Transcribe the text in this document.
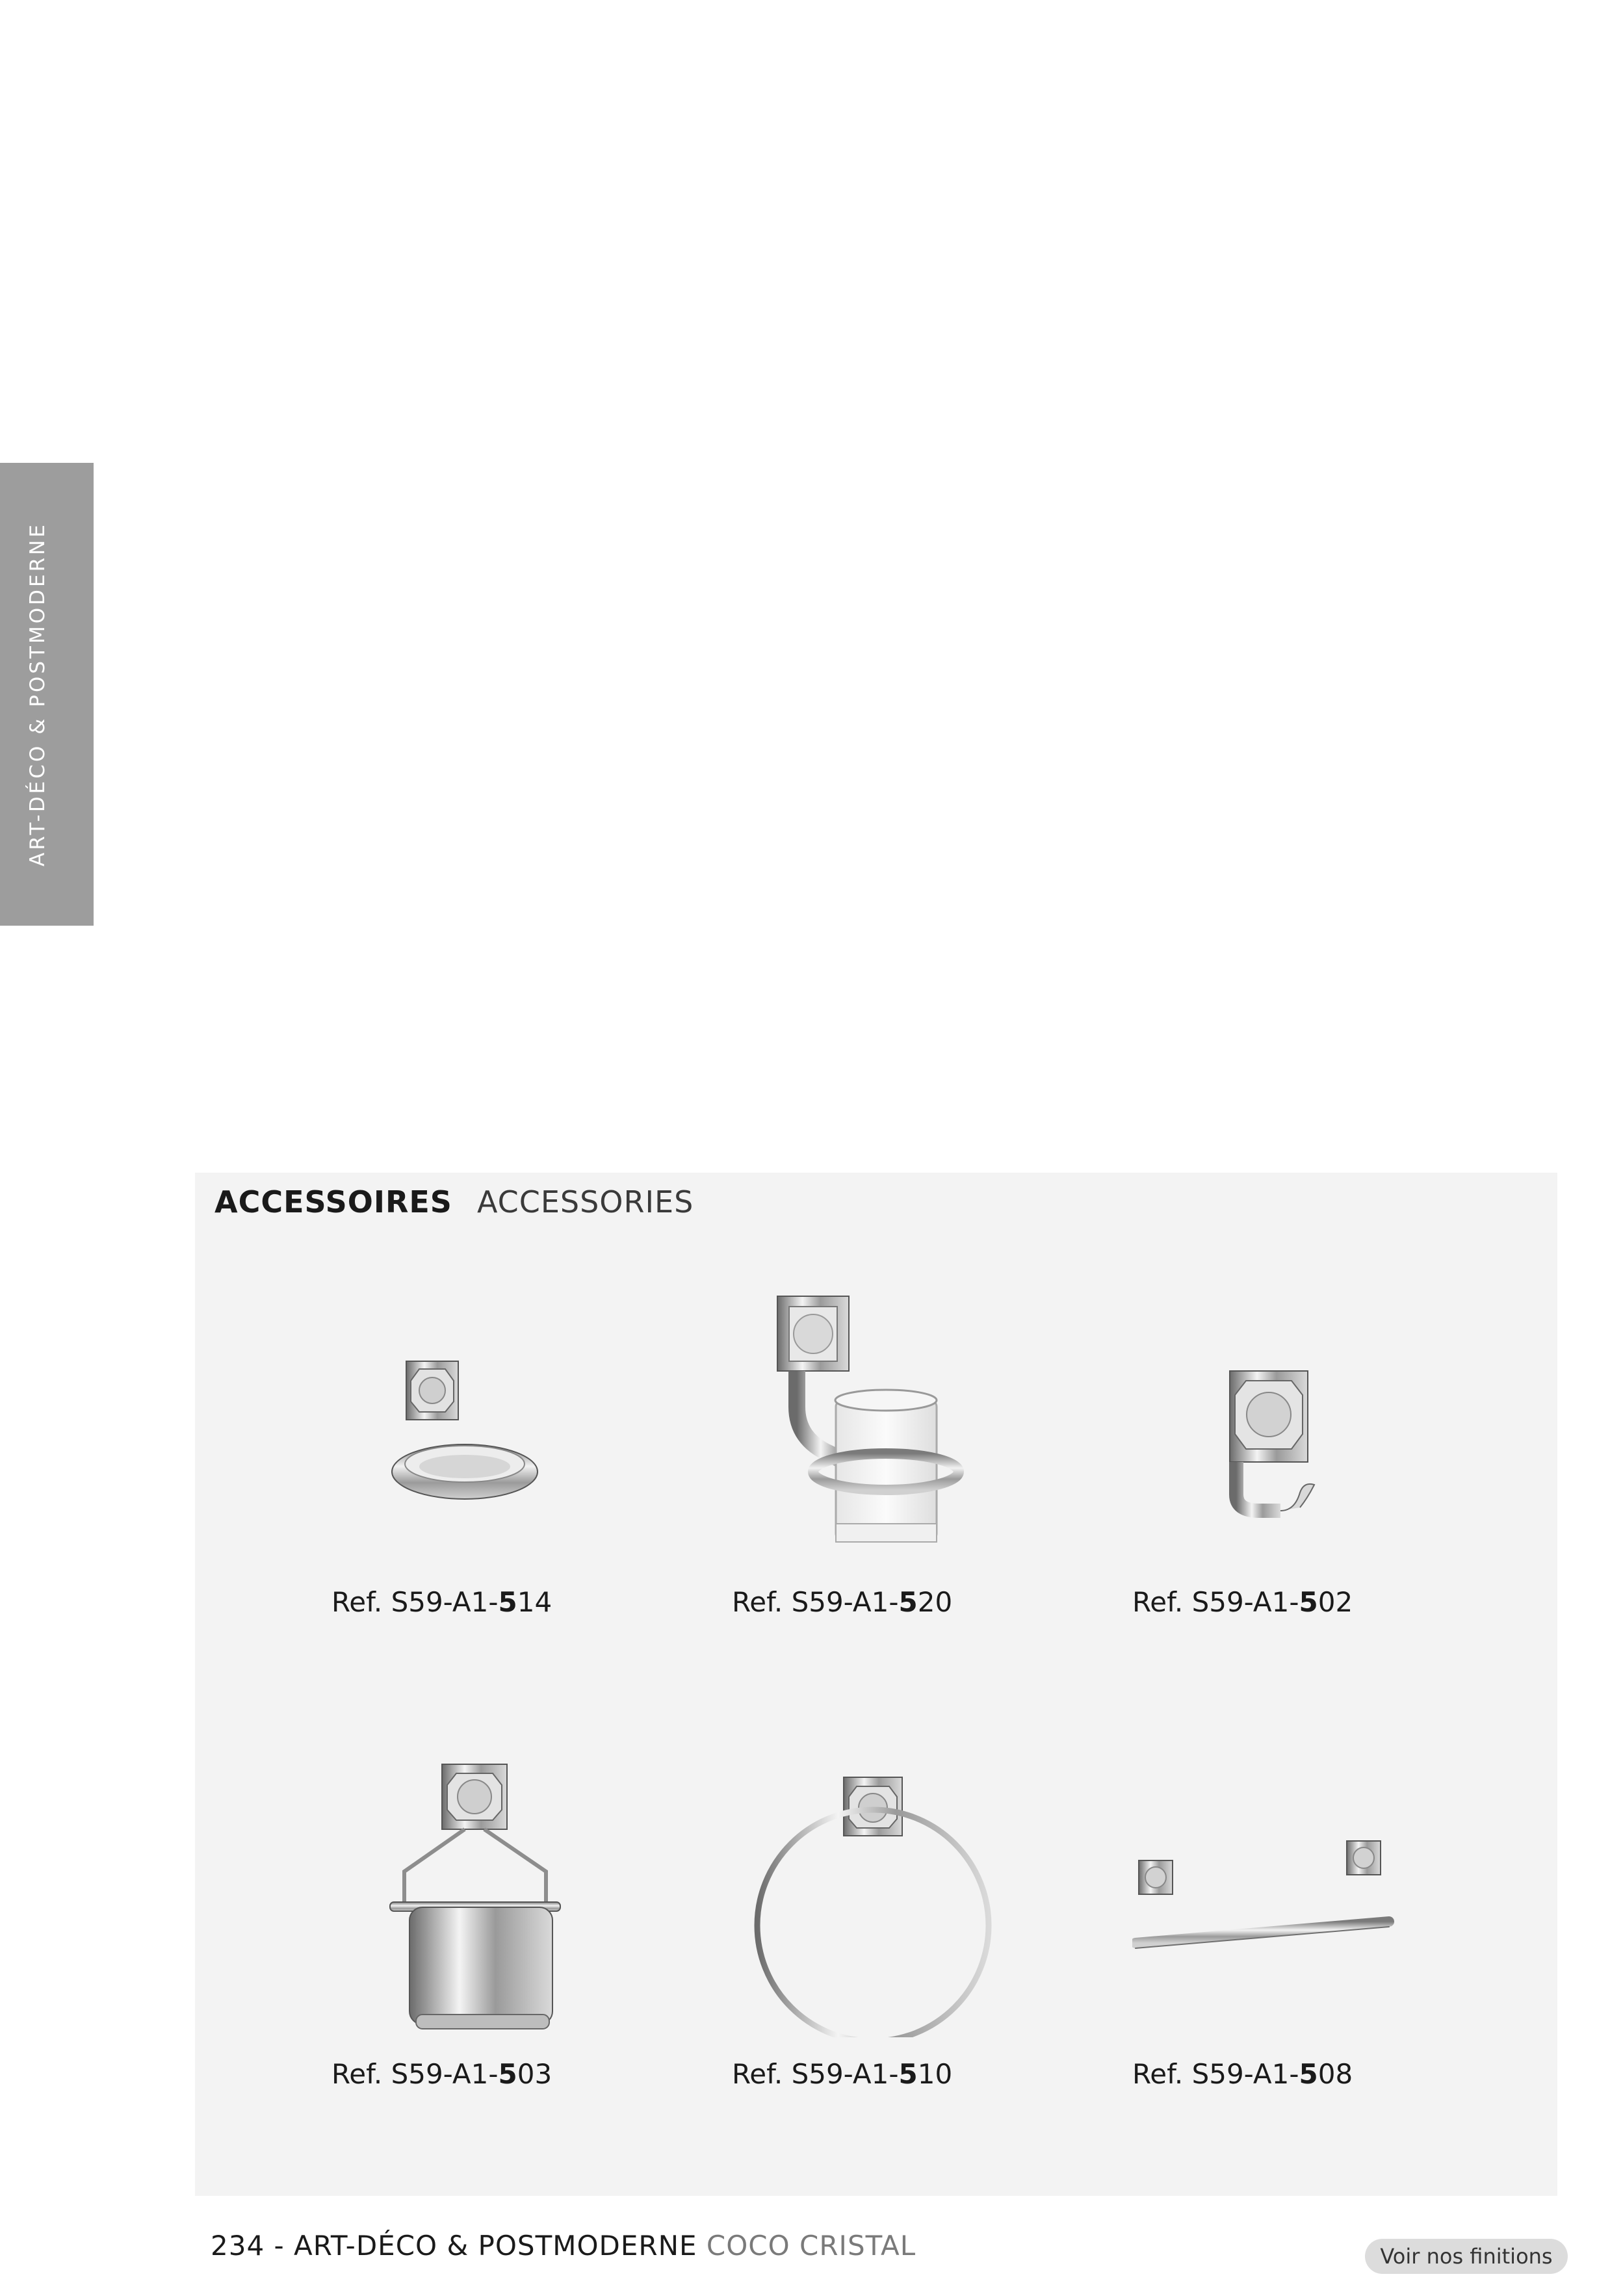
ART-DÉCO & POSTMODERNE
ACCESSOIRES ACCESSORIES
Ref. S59-A1-514	Ref. S59-A1-520	Ref. S59-A1-502
Ref. S59-A1-503	Ref. S59-A1-510	Ref. S59-A1-508
234 - ART-DÉCO & POSTMODERNE COCO CRISTAL	Voir nos finitions
